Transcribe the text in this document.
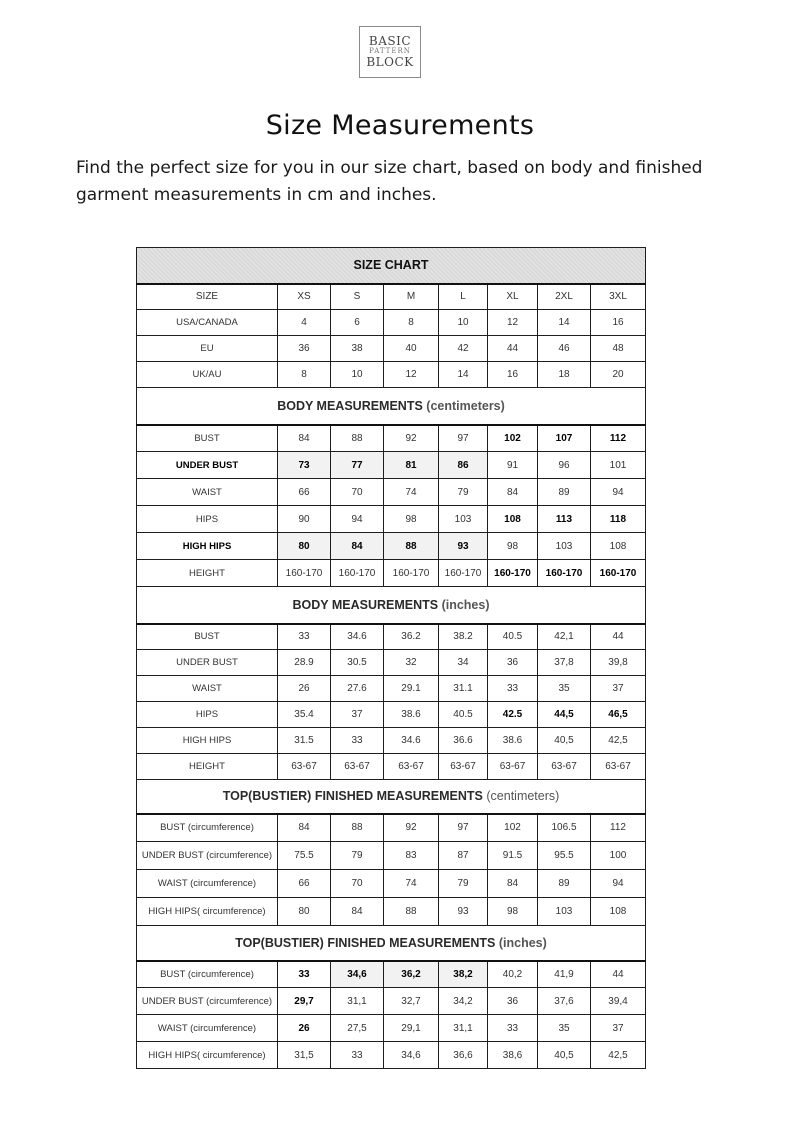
BASIC
PATTERN
BLOCK
Size Measurements

Find the perfect size for you in our size chart, based on body and finished garment measurements in cm and inches.

SIZE CHART							
SIZE	XS	S	M	L	XL	2XL	3XL
USA/CANADA	4	6	8	10	12	14	16
EU	36	38	40	42	44	46	48
UK/AU	8	10	12	14	16	18	20
BODY MEASUREMENTS (centimeters)							
BUST	84	88	92	97	102	107	112
UNDER BUST	73	77	81	86	91	96	101
WAIST	66	70	74	79	84	89	94
HIPS	90	94	98	103	108	113	118
HIGH HIPS	80	84	88	93	98	103	108
HEIGHT	160-170	160-170	160-170	160-170	160-170	160-170	160-170
BODY MEASUREMENTS (inches)							
BUST	33	34.6	36.2	38.2	40.5	42,1	44
UNDER BUST	28.9	30.5	32	34	36	37,8	39,8
WAIST	26	27.6	29.1	31.1	33	35	37
HIPS	35.4	37	38.6	40.5	42.5	44,5	46,5
HIGH HIPS	31.5	33	34.6	36.6	38.6	40,5	42,5
HEIGHT	63-67	63-67	63-67	63-67	63-67	63-67	63-67
TOP(BUSTIER) FINISHED MEASUREMENTS (centimeters)							
BUST (circumference)	84	88	92	97	102	106.5	112
UNDER BUST (circumference)	75.5	79	83	87	91.5	95.5	100
WAIST (circumference)	66	70	74	79	84	89	94
HIGH HIPS( circumference)	80	84	88	93	98	103	108
TOP(BUSTIER) FINISHED MEASUREMENTS (inches)							
BUST (circumference)	33	34,6	36,2	38,2	40,2	41,9	44
UNDER BUST (circumference)	29,7	31,1	32,7	34,2	36	37,6	39,4
WAIST (circumference)	26	27,5	29,1	31,1	33	35	37
HIGH HIPS( circumference)	31,5	33	34,6	36,6	38,6	40,5	42,5
